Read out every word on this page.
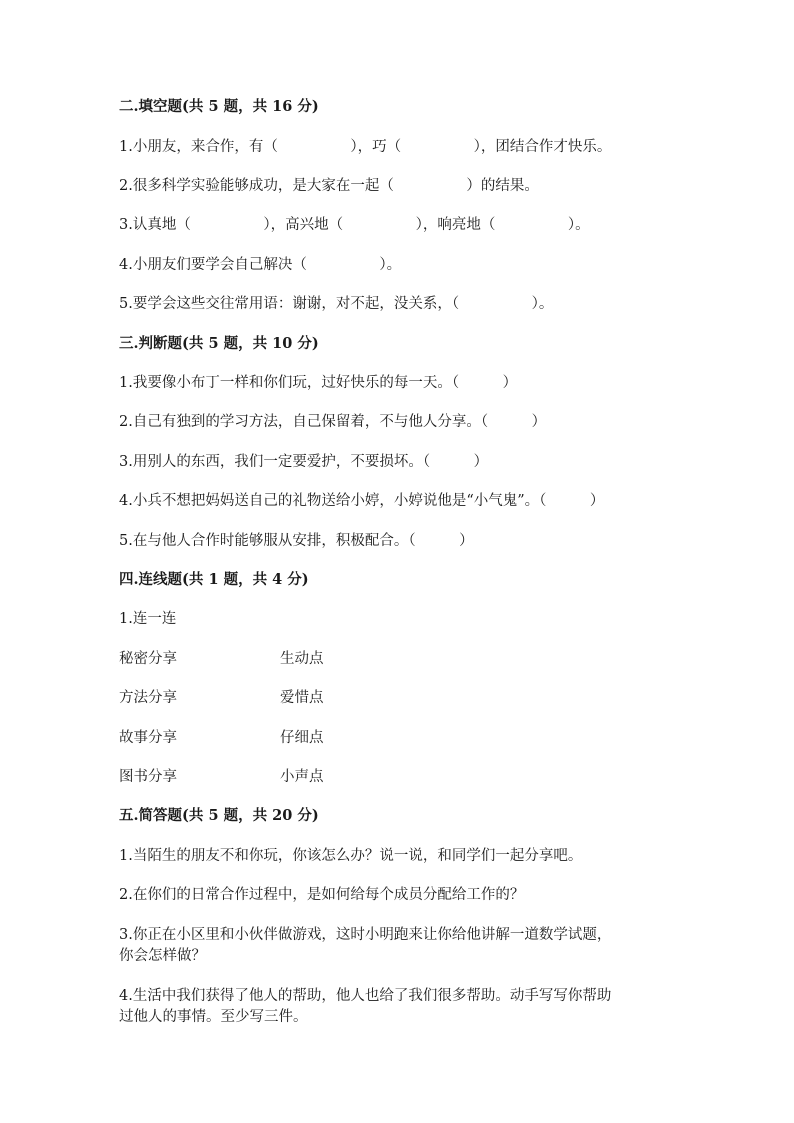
二.填空题(共 5 题，共 16 分)
1.小朋友，来合作，有（　　　　　），巧（　　　　　），团结合作才快乐。
2.很多科学实验能够成功，是大家在一起（　　　　　）的结果。
3.认真地（　　　　　），高兴地（　　　　　），响亮地（　　　　　）。
4.小朋友们要学会自己解决（　　　　　）。
5.要学会这些交往常用语：谢谢，对不起，没关系，（　　　　　）。
三.判断题(共 5 题，共 10 分)
1.我要像小布丁一样和你们玩，过好快乐的每一天。（　　　）
2.自己有独到的学习方法，自己保留着，不与他人分享。（　　　）
3.用别人的东西，我们一定要爱护，不要损坏。（　　　）
4.小兵不想把妈妈送自己的礼物送给小婷，小婷说他是“小气鬼”。（　　　）
5.在与他人合作时能够服从安排，积极配合。（　　　）
四.连线题(共 1 题，共 4 分)
1.连一连
秘密分享	生动点
方法分享	爱惜点
故事分享	仔细点
图书分享	小声点
五.简答题(共 5 题，共 20 分)
1.当陌生的朋友不和你玩，你该怎么办？说一说，和同学们一起分享吧。
2.在你们的日常合作过程中，是如何给每个成员分配给工作的？
3.你正在小区里和小伙伴做游戏，这时小明跑来让你给他讲解一道数学试题，
你会怎样做？
4.生活中我们获得了他人的帮助，他人也给了我们很多帮助。动手写写你帮助
过他人的事情。至少写三件。
